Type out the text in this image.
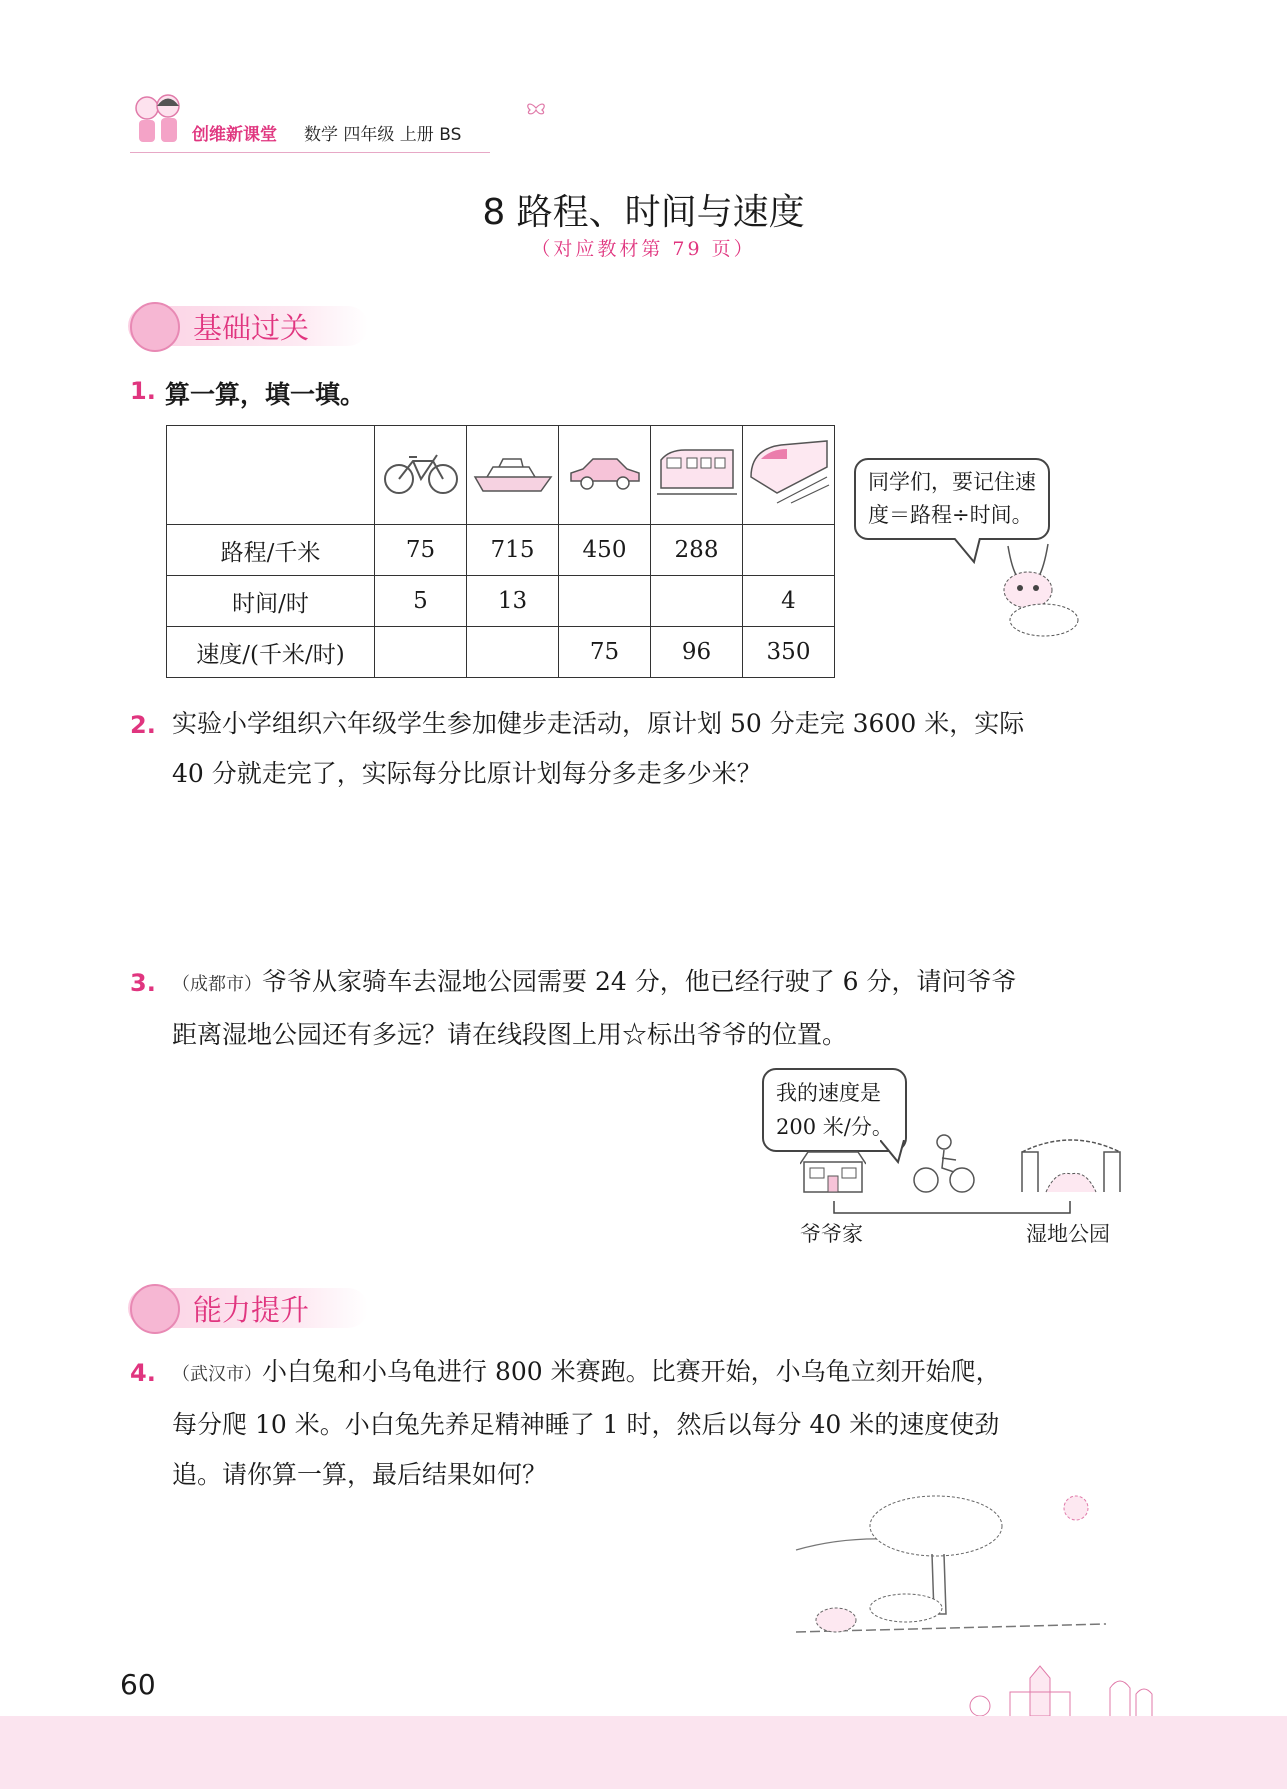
创维新课堂 数学 四年级 上册 BS
8 路程、时间与速度
（对应教材第 79 页）
基础过关
1. 算一算，填一填。

路程/千米	75	715	450	288	
时间/时	5	13			4
速度/(千米/时)			75	96	350
同学们，要记住速
度＝路程÷时间。
2. 实验小学组织六年级学生参加健步走活动，原计划 50 分走完 3600 米，实际
40 分就走完了，实际每分比原计划每分多走多少米？
3. （成都市）爷爷从家骑车去湿地公园需要 24 分，他已经行驶了 6 分，请问爷爷
距离湿地公园还有多远？请在线段图上用☆标出爷爷的位置。
我的速度是
200 米/分。
爷爷家	湿地公园
能力提升
4. （武汉市）小白兔和小乌龟进行 800 米赛跑。比赛开始，小乌龟立刻开始爬，
每分爬 10 米。小白兔先养足精神睡了 1 时，然后以每分 40 米的速度使劲
追。请你算一算，最后结果如何？
60
